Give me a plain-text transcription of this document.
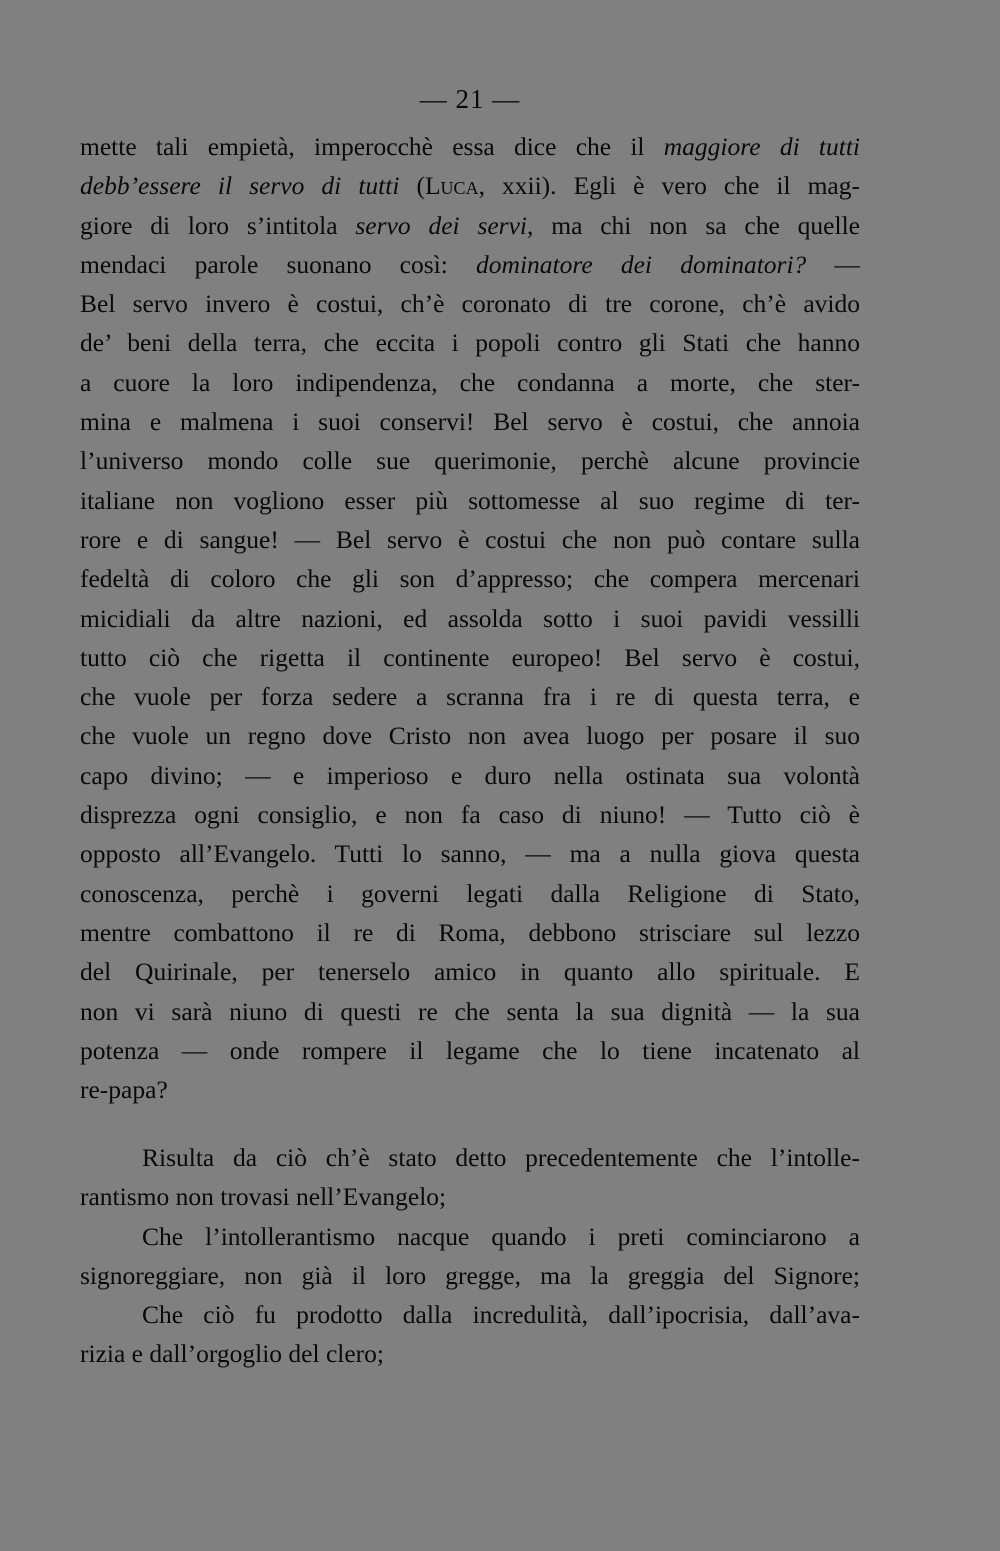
— 21 —
mette tali empietà, imperocchè essa dice che il maggiore di tutti
debb’essere il servo di tutti (Luca, xxii). Egli è vero che il mag-
giore di loro s’intitola servo dei servi, ma chi non sa che quelle
mendaci parole suonano così: dominatore dei dominatori? —
Bel servo invero è costui, ch’è coronato di tre corone, ch’è avido
de’ beni della terra, che eccita i popoli contro gli Stati che hanno
a cuore la loro indipendenza, che condanna a morte, che ster-
mina e malmena i suoi conservi! Bel servo è costui, che annoia
l’universo mondo colle sue querimonie, perchè alcune provincie
italiane non vogliono esser più sottomesse al suo regime di ter-
rore e di sangue! — Bel servo è costui che non può contare sulla
fedeltà di coloro che gli son d’appresso; che compera mercenari
micidiali da altre nazioni, ed assolda sotto i suoi pavidi vessilli
tutto ciò che rigetta il continente europeo! Bel servo è costui,
che vuole per forza sedere a scranna fra i re di questa terra, e
che vuole un regno dove Cristo non avea luogo per posare il suo
capo divino; — e imperioso e duro nella ostinata sua volontà
disprezza ogni consiglio, e non fa caso di niuno! — Tutto ciò è
opposto all’Evangelo. Tutti lo sanno, — ma a nulla giova questa
conoscenza, perchè i governi legati dalla Religione di Stato,
mentre combattono il re di Roma, debbono strisciare sul lezzo
del Quirinale, per tenerselo amico in quanto allo spirituale. E
non vi sarà niuno di questi re che senta la sua dignità — la sua
potenza — onde rompere il legame che lo tiene incatenato al
re-papa?
Risulta da ciò ch’è stato detto precedentemente che l’intolle-
rantismo non trovasi nell’Evangelo;
Che l’intollerantismo nacque quando i preti cominciarono a
signoreggiare, non già il loro gregge, ma la greggia del Signore;
Che ciò fu prodotto dalla incredulità, dall’ipocrisia, dall’ava-
rizia e dall’orgoglio del clero;
